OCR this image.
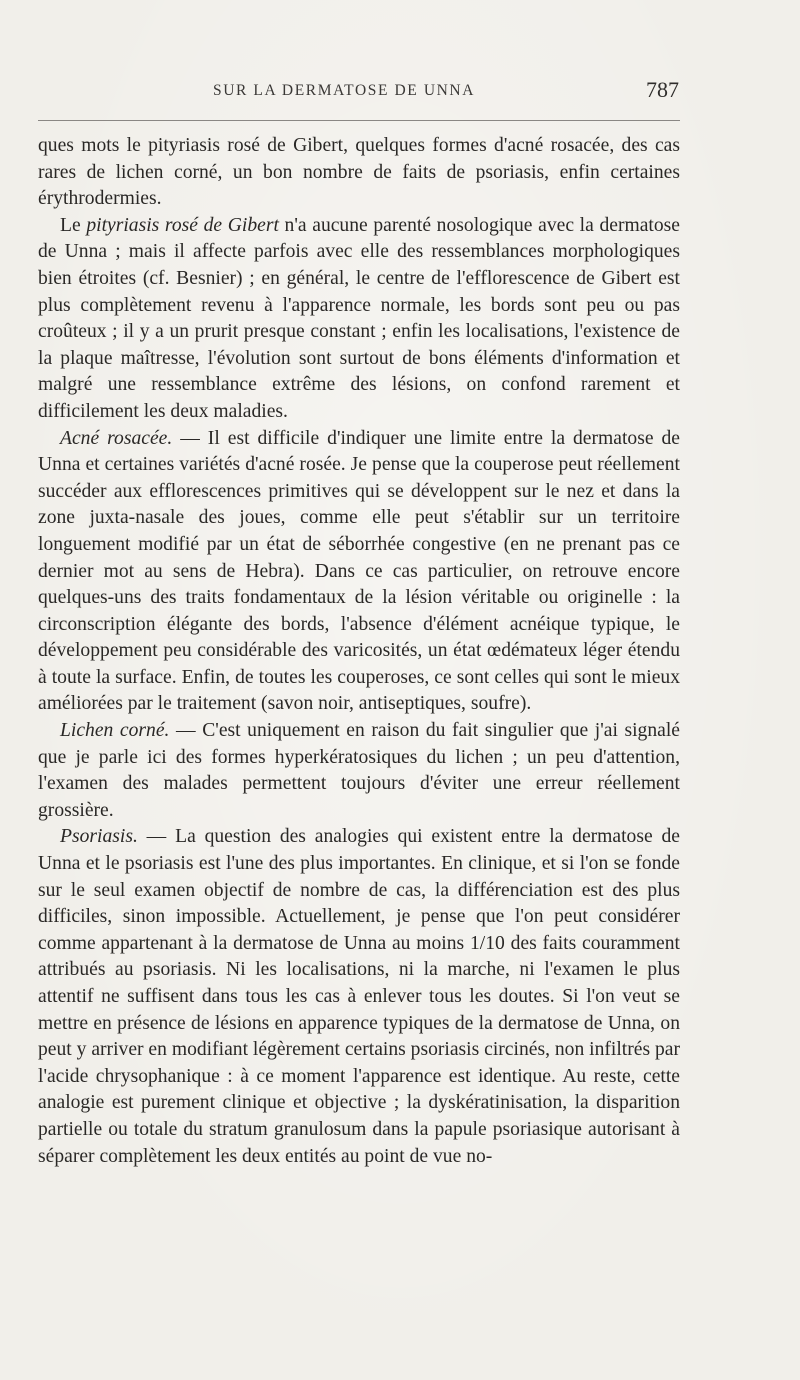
SUR LA DERMATOSE DE UNNA	787

ques mots le pityriasis rosé de Gibert, quelques formes d'acné rosacée, des cas rares de lichen corné, un bon nombre de faits de psoriasis, enfin certaines érythrodermies.

Le pityriasis rosé de Gibert n'a aucune parenté nosologique avec la dermatose de Unna ; mais il affecte parfois avec elle des ressemblances morphologiques bien étroites (cf. Besnier) ; en général, le centre de l'efflorescence de Gibert est plus complètement revenu à l'apparence normale, les bords sont peu ou pas croûteux ; il y a un prurit presque constant ; enfin les localisations, l'existence de la plaque maîtresse, l'évolution sont surtout de bons éléments d'information et malgré une ressemblance extrême des lésions, on confond rarement et difficilement les deux maladies.

Acné rosacée. — Il est difficile d'indiquer une limite entre la dermatose de Unna et certaines variétés d'acné rosée. Je pense que la couperose peut réellement succéder aux efflorescences primitives qui se développent sur le nez et dans la zone juxta-nasale des joues, comme elle peut s'établir sur un territoire longuement modifié par un état de séborrhée congestive (en ne prenant pas ce dernier mot au sens de Hebra). Dans ce cas particulier, on retrouve encore quelques-uns des traits fondamentaux de la lésion véritable ou originelle : la circonscription élégante des bords, l'absence d'élément acnéique typique, le développement peu considérable des varicosités, un état œdémateux léger étendu à toute la surface. Enfin, de toutes les couperoses, ce sont celles qui sont le mieux améliorées par le traitement (savon noir, antiseptiques, soufre).

Lichen corné. — C'est uniquement en raison du fait singulier que j'ai signalé que je parle ici des formes hyperkératosiques du lichen ; un peu d'attention, l'examen des malades permettent toujours d'éviter une erreur réellement grossière.

Psoriasis. — La question des analogies qui existent entre la dermatose de Unna et le psoriasis est l'une des plus importantes. En clinique, et si l'on se fonde sur le seul examen objectif de nombre de cas, la différenciation est des plus difficiles, sinon impossible. Actuellement, je pense que l'on peut considérer comme appartenant à la dermatose de Unna au moins 1/10 des faits couramment attribués au psoriasis. Ni les localisations, ni la marche, ni l'examen le plus attentif ne suffisent dans tous les cas à enlever tous les doutes. Si l'on veut se mettre en présence de lésions en apparence typiques de la dermatose de Unna, on peut y arriver en modifiant légèrement certains psoriasis circinés, non infiltrés par l'acide chrysophanique : à ce moment l'apparence est identique. Au reste, cette analogie est purement clinique et objective ; la dyskératinisation, la disparition partielle ou totale du stratum granulosum dans la papule psoriasique autorisant à séparer complètement les deux entités au point de vue no-
